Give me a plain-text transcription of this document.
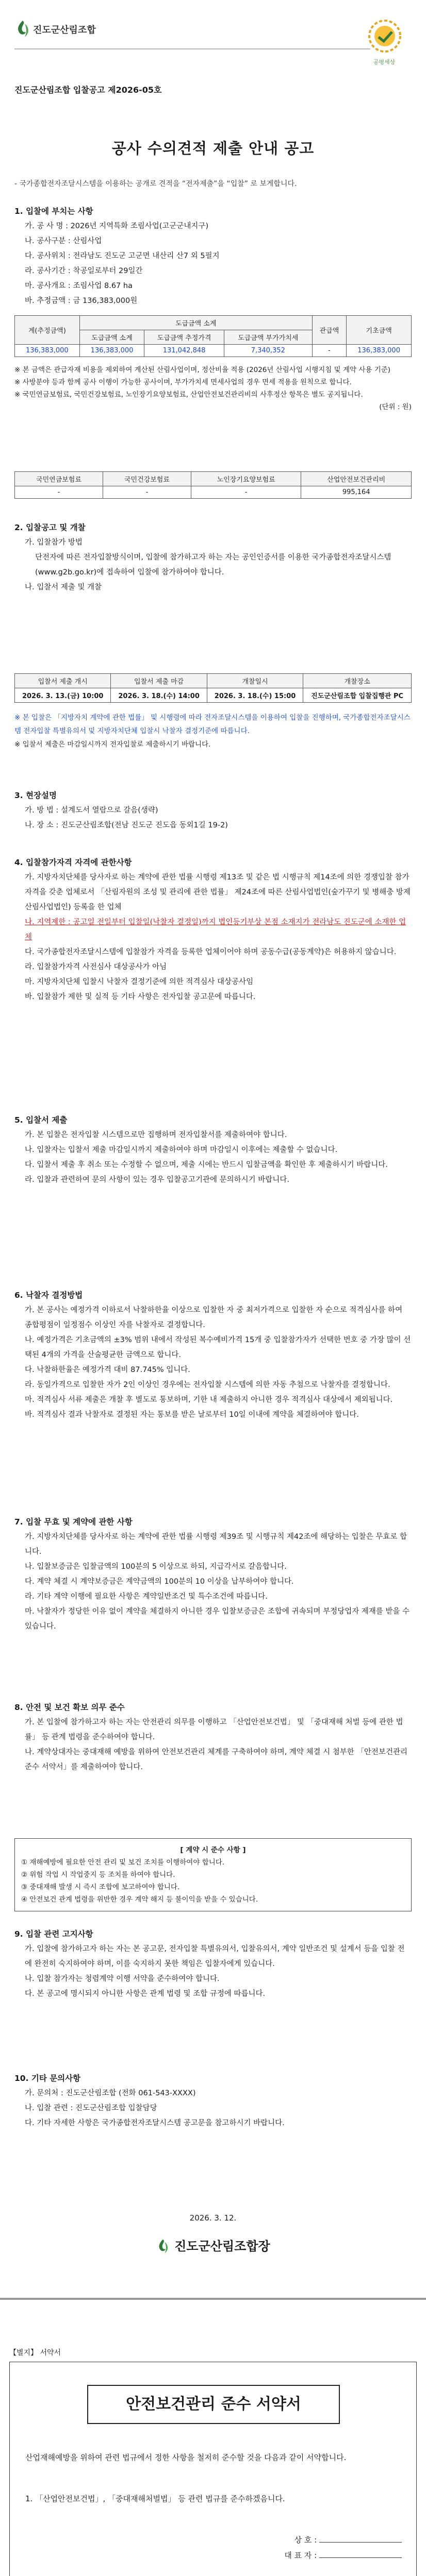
진도군산림조합
공평세상
진도군산림조합 입찰공고 제2026-05호
공사 수의견적 제출 안내 공고
- 국가종합전자조달시스템을 이용하는 공개로 견적을 “전자제출”을 “입찰” 로 보게합니다.
1. 입찰에 부치는 사항
가. 공 사 명 : 2026년 지역특화 조림사업(고군군내지구)
나. 공사구분 : 산림사업
다. 공사위치 : 전라남도 진도군 고군면 내산리 산7 외 5필지
라. 공사기간 : 착공일로부터 29일간
마. 공사개요 : 조림사업 8.67 ha
바. 추정금액 : 금 136,383,000원
계(추정금액)	도급금액 소계			관급액	기초금액
	도급금액 소계	도급금액 추정가격	도급금액 부가가치세		
136,383,000	136,383,000	131,042,848	7,340,352	-	136,383,000
※ 본 금액은 관급자재 비용을 제외하여 계산된 산림사업이며, 정산비율 적용 (2026년 산림사업 시행지침 및 계약 사용 기준)
※ 사방분야 등과 함께 공사 이행이 가능한 공사이며, 부가가치세 면세사업의 경우 면세 적용을 원칙으로 합니다.
※ 국민연금보험료, 국민건강보험료, 노인장기요양보험료, 산업안전보건관리비의 사후정산 항목은 별도 공지됩니다.
(단위 : 원)
국민연금보험료	국민건강보험료	노인장기요양보험료	산업안전보건관리비
-	-	-	995,164
2. 입찰공고 및 개찰
가. 입찰참가 방법
단전자에 따른 전자입찰방식이며, 입찰에 참가하고자 하는 자는 공인인증서를 이용한 국가종합전자조달시스템(www.g2b.go.kr)에 접속하여 입찰에 참가하여야 합니다.
나. 입찰서 제출 및 개찰
입찰서 제출 개시	입찰서 제출 마감	개찰일시	개찰장소
2026. 3. 13.(금) 10:00	2026. 3. 18.(수) 14:00	2026. 3. 18.(수) 15:00	진도군산림조합 입찰집행관 PC
※ 본 입찰은 「지방자치 계약에 관한 법률」 및 시행령에 따라 전자조달시스템을 이용하여 입찰을 진행하며, 국가종합전자조달시스템 전자입찰 특별유의서 및 지방자치단체 입찰시 낙찰자 결정기준에 따릅니다.
※ 입찰서 제출은 마감일시까지 전자입찰로 제출하시기 바랍니다.
3. 현장설명
가. 방 법 : 설계도서 열람으로 갈음(생략)
나. 장 소 : 진도군산림조합(전남 진도군 진도읍 동외1길 19-2)
4. 입찰참가자격 자격에 관한사항
가. 지방자치단체를 당사자로 하는 계약에 관한 법률 시행령 제13조 및 같은 법 시행규칙 제14조에 의한 경쟁입찰 참가자격을 갖춘 업체로서 「산림자원의 조성 및 관리에 관한 법률」 제24조에 따른 산림사업법인(숲가꾸기 및 병해충 방제 산림사업법인) 등록을 한 업체
나. 지역제한 : 공고일 전일부터 입찰일(낙찰자 결정일)까지 법인등기부상 본점 소재지가 전라남도 진도군에 소재한 업체
다. 국가종합전자조달시스템에 입찰참가 자격을 등록한 업체이어야 하며 공동수급(공동계약)은 허용하지 않습니다.
라. 입찰참가자격 사전심사 대상공사가 아님
마. 지방자치단체 입찰시 낙찰자 결정기준에 의한 적격심사 대상공사임
바. 입찰참가 제한 및 실적 등 기타 사항은 전자입찰 공고문에 따릅니다.
5. 입찰서 제출
가. 본 입찰은 전자입찰 시스템으로만 집행하며 전자입찰서를 제출하여야 합니다.
나. 입찰자는 입찰서 제출 마감일시까지 제출하여야 하며 마감일시 이후에는 제출할 수 없습니다.
다. 입찰서 제출 후 취소 또는 수정할 수 없으며, 제출 시에는 반드시 입찰금액을 확인한 후 제출하시기 바랍니다.
라. 입찰과 관련하여 문의 사항이 있는 경우 입찰공고기관에 문의하시기 바랍니다.
6. 낙찰자 결정방법
가. 본 공사는 예정가격 이하로서 낙찰하한율 이상으로 입찰한 자 중 최저가격으로 입찰한 자 순으로 적격심사를 하여 종합평점이 일정점수 이상인 자를 낙찰자로 결정합니다.
나. 예정가격은 기초금액의 ±3% 범위 내에서 작성된 복수예비가격 15개 중 입찰참가자가 선택한 번호 중 가장 많이 선택된 4개의 가격을 산술평균한 금액으로 합니다.
다. 낙찰하한율은 예정가격 대비 87.745% 입니다.
라. 동일가격으로 입찰한 자가 2인 이상인 경우에는 전자입찰 시스템에 의한 자동 추첨으로 낙찰자를 결정합니다.
마. 적격심사 서류 제출은 개찰 후 별도로 통보하며, 기한 내 제출하지 아니한 경우 적격심사 대상에서 제외됩니다.
바. 적격심사 결과 낙찰자로 결정된 자는 통보를 받은 날로부터 10일 이내에 계약을 체결하여야 합니다.
7. 입찰 무효 및 계약에 관한 사항
가. 지방자치단체를 당사자로 하는 계약에 관한 법률 시행령 제39조 및 시행규칙 제42조에 해당하는 입찰은 무효로 합니다.
나. 입찰보증금은 입찰금액의 100분의 5 이상으로 하되, 지급각서로 갈음합니다.
다. 계약 체결 시 계약보증금은 계약금액의 100분의 10 이상을 납부하여야 합니다.
라. 기타 계약 이행에 필요한 사항은 계약일반조건 및 특수조건에 따릅니다.
마. 낙찰자가 정당한 이유 없이 계약을 체결하지 아니한 경우 입찰보증금은 조합에 귀속되며 부정당업자 제재를 받을 수 있습니다.
8. 안전 및 보건 확보 의무 준수
가. 본 입찰에 참가하고자 하는 자는 안전관리 의무를 이행하고 「산업안전보건법」 및 「중대재해 처벌 등에 관한 법률」 등 관계 법령을 준수하여야 합니다.
나. 계약상대자는 중대재해 예방을 위하여 안전보건관리 체계를 구축하여야 하며, 계약 체결 시 첨부한 「안전보건관리 준수 서약서」를 제출하여야 합니다.
[ 계약 시 준수 사항 ]
① 재해예방에 필요한 안전 관리 및 보건 조치를 이행하여야 합니다.
② 위험 작업 시 작업중지 등 조치를 하여야 합니다.
③ 중대재해 발생 시 즉시 조합에 보고하여야 합니다.
④ 안전보건 관계 법령을 위반한 경우 계약 해지 등 불이익을 받을 수 있습니다.
9. 입찰 관련 고지사항
가. 입찰에 참가하고자 하는 자는 본 공고문, 전자입찰 특별유의서, 입찰유의서, 계약 일반조건 및 설계서 등을 입찰 전에 완전히 숙지하여야 하며, 이를 숙지하지 못한 책임은 입찰자에게 있습니다.
나. 입찰 참가자는 청렴계약 이행 서약을 준수하여야 합니다.
다. 본 공고에 명시되지 아니한 사항은 관계 법령 및 조합 규정에 따릅니다.
10. 기타 문의사항
가. 문의처 : 진도군산림조합 (전화 061-543-XXXX)
나. 입찰 관련 : 진도군산림조합 입찰담당
다. 기타 자세한 사항은 국가종합전자조달시스템 공고문을 참고하시기 바랍니다.
2026. 3. 12.
진도군산림조합장
【별지】 서약서
안전보건관리 준수 서약서
산업재해예방을 위하여 관련 법규에서 정한 사항을 철저히 준수할 것을 다음과 같이 서약합니다.
1. 「산업안전보건법」, 「중대재해처벌법」 등 관련 법규를 준수하겠음니다.
상 호 :
대 표 자 :
